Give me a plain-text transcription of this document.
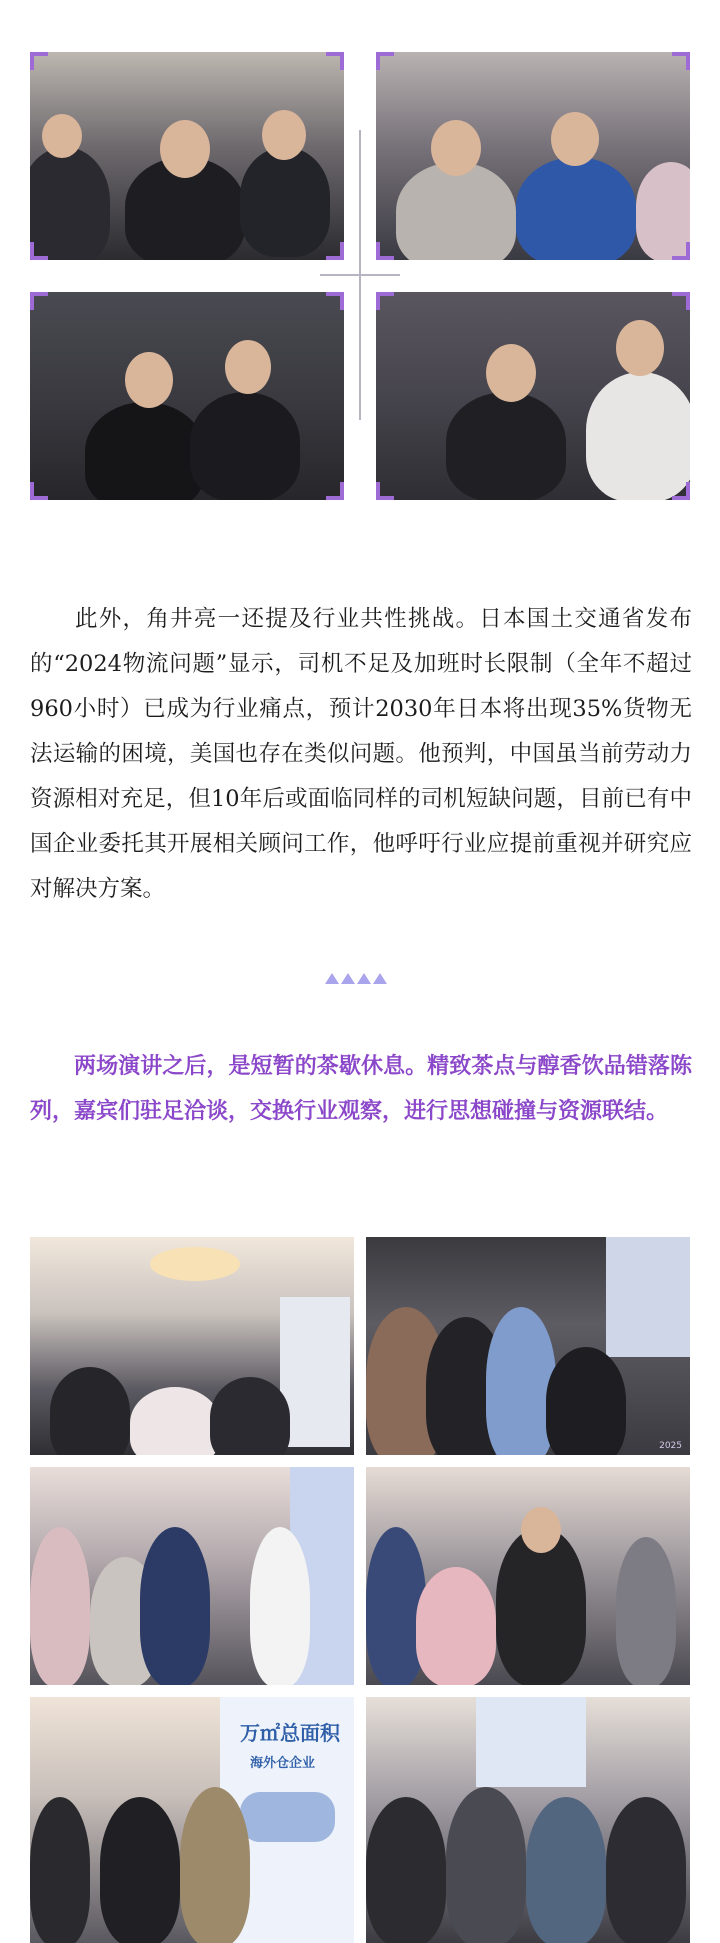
此外，角井亮一还提及行业共性挑战。日本国土交通省发布的“2024物流问题”显示，司机不足及加班时长限制（全年不超过960小时）已成为行业痛点，预计2030年日本将出现35%货物无法运输的困境，美国也存在类似问题。他预判，中国虽当前劳动力资源相对充足，但10年后或面临同样的司机短缺问题，目前已有中国企业委托其开展相关顾问工作，他呼吁行业应提前重视并研究应对解决方案。

两场演讲之后，是短暂的茶歇休息。精致茶点与醇香饮品错落陈列，嘉宾们驻足洽谈，交换行业观察，进行思想碰撞与资源联结。

2025
万㎡总面积
海外仓企业
